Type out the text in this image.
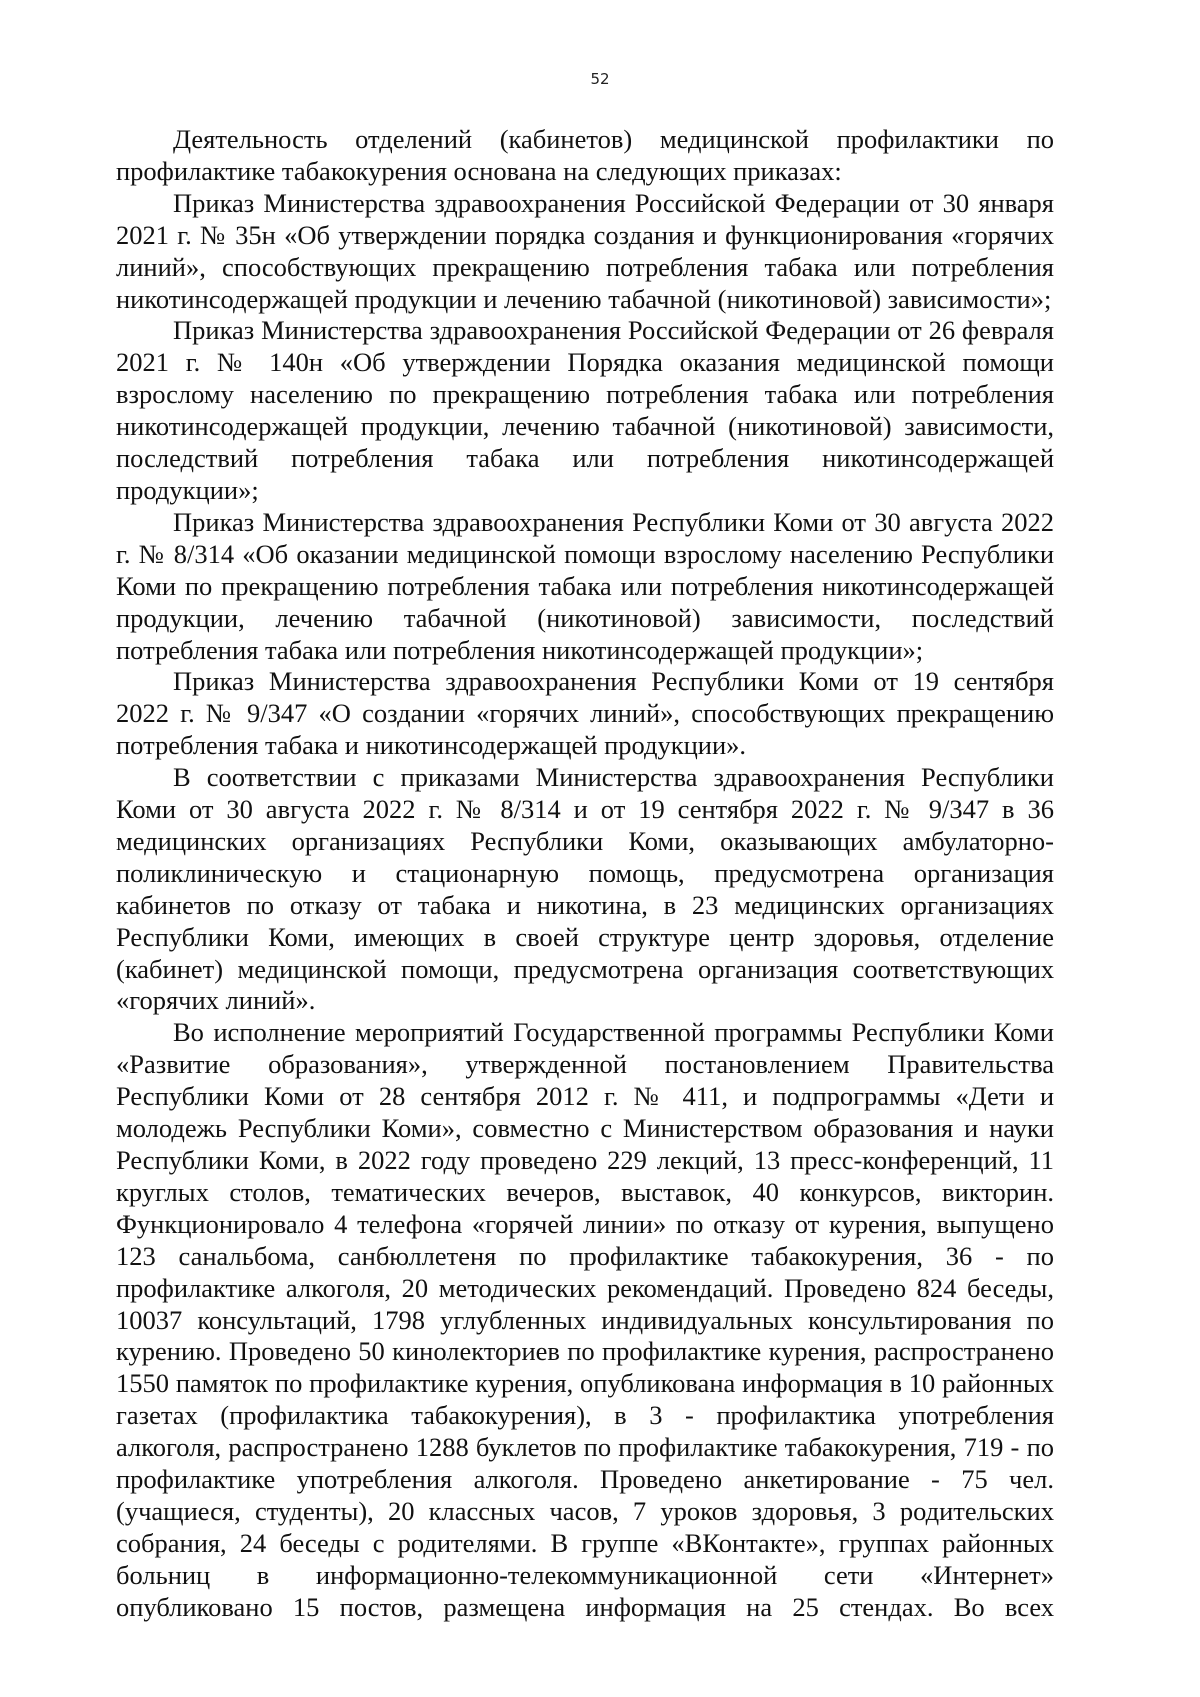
52

Деятельность отделений (кабинетов) медицинской профилактики по профилактике табакокурения основана на следующих приказах:

Приказ Министерства здравоохранения Российской Федерации от 30 января 2021 г. № 35н «Об утверждении порядка создания и функционирования «горячих линий», способствующих прекращению потребления табака или потребления никотинсодержащей продукции и лечению табачной (никотиновой) зависимости»;

Приказ Министерства здравоохранения Российской Федерации от 26 февраля 2021 г. № 140н «Об утверждении Порядка оказания медицинской помощи взрослому населению по прекращению потребления табака или потребления никотинсодержащей продукции, лечению табачной (никотиновой) зависимости, последствий потребления табака или потребления никотинсодержащей продукции»;

Приказ Министерства здравоохранения Республики Коми от 30 августа 2022 г. № 8/314 «Об оказании медицинской помощи взрослому населению Республики Коми по прекращению потребления табака или потребления никотинсодержащей продукции, лечению табачной (никотиновой) зависимости, последствий потребления табака или потребления никотинсодержащей продукции»;

Приказ Министерства здравоохранения Республики Коми от 19 сентября 2022 г. № 9/347 «О создании «горячих линий», способствующих прекращению потребления табака и никотинсодержащей продукции».

В соответствии с приказами Министерства здравоохранения Республики Коми от 30 августа 2022 г. № 8/314 и от 19 сентября 2022 г. № 9/347 в 36 медицинских организациях Республики Коми, оказывающих амбулаторно-поликлиническую и стационарную помощь, предусмотрена организация кабинетов по отказу от табака и никотина, в 23 медицинских организациях Республики Коми, имеющих в своей структуре центр здоровья, отделение (кабинет) медицинской помощи, предусмотрена организация соответствующих «горячих линий».

Во исполнение мероприятий Государственной программы Республики Коми «Развитие образования», утвержденной постановлением Правительства Республики Коми от 28 сентября 2012 г. № 411, и подпрограммы «Дети и молодежь Республики Коми», совместно с Министерством образования и науки Республики Коми, в 2022 году проведено 229 лекций, 13 пресс-конференций, 11 круглых столов, тематических вечеров, выставок, 40 конкурсов, викторин. Функционировало 4 телефона «горячей линии» по отказу от курения, выпущено 123 санальбома, санбюллетеня по профилактике табакокурения, 36 - по профилактике алкоголя, 20 методических рекомендаций. Проведено 824 беседы, 10037 консультаций, 1798 углубленных индивидуальных консультирования по курению. Проведено 50 кинолекториев по профилактике курения, распространено 1550 памяток по профилактике курения, опубликована информация в 10 районных газетах (профилактика табакокурения), в 3 - профилактика употребления алкоголя, распространено 1288 буклетов по профилактике табакокурения, 719 - по профилактике употребления алкоголя. Проведено анкетирование - 75 чел. (учащиеся, студенты), 20 классных часов, 7 уроков здоровья, 3 родительских собрания, 24 беседы с родителями. В группе «ВКонтакте», группах районных больниц в информационно-телекоммуникационной сети «Интернет» опубликовано 15 постов, размещена информация на 25 стендах. Во всех
